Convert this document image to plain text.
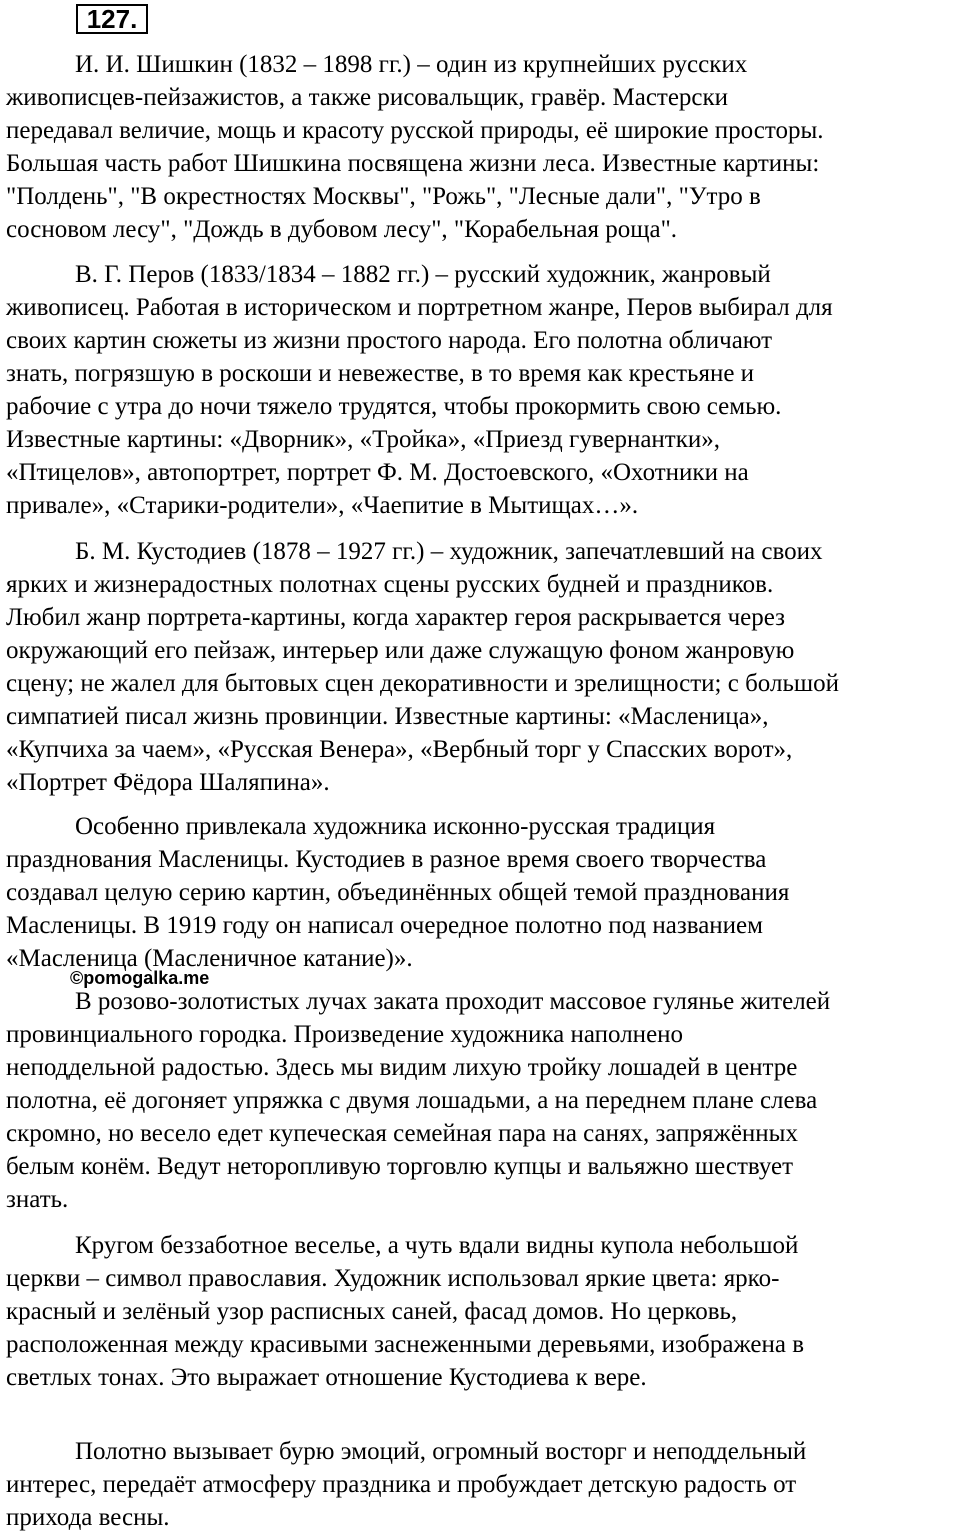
127.

И. И. Шишкин (1832 – 1898 гг.) – один из крупнейших русских
живописцев-пейзажистов, а также рисовальщик, гравёр. Мастерски
передавал величие, мощь и красоту русской природы, её широкие просторы.
Большая часть работ Шишкина посвящена жизни леса. Известные картины:
"Полдень", "В окрестностях Москвы", "Рожь", "Лесные дали", "Утро в
сосновом лесу", "Дождь в дубовом лесу", "Корабельная роща".

В. Г. Перов (1833/1834 – 1882 гг.) – русский художник, жанровый
живописец. Работая в историческом и портретном жанре, Перов выбирал для
своих картин сюжеты из жизни простого народа. Его полотна обличают
знать, погрязшую в роскоши и невежестве, в то время как крестьяне и
рабочие с утра до ночи тяжело трудятся, чтобы прокормить свою семью.
Известные картины: «Дворник», «Тройка», «Приезд гувернантки»,
«Птицелов», автопортрет, портрет Ф. М. Достоевского, «Охотники на
привале», «Старики-родители», «Чаепитие в Мытищах…».

Б. М. Кустодиев (1878 – 1927 гг.) – художник, запечатлевший на своих
ярких и жизнерадостных полотнах сцены русских будней и праздников.
Любил жанр портрета-картины, когда характер героя раскрывается через
окружающий его пейзаж, интерьер или даже служащую фоном жанровую
сцену; не жалел для бытовых сцен декоративности и зрелищности; с большой
симпатией писал жизнь провинции. Известные картины: «Масленица»,
«Купчиха за чаем», «Русская Венера», «Вербный торг у Спасских ворот»,
«Портрет Фёдора Шаляпина».

Особенно привлекала художника исконно-русская традиция
празднования Масленицы. Кустодиев в разное время своего творчества
создавал целую серию картин, объединённых общей темой празднования
Масленицы. В 1919 году он написал очередное полотно под названием
«Масленица (Масленичное катание)».

©pomogalka.me

В розово-золотистых лучах заката проходит массовое гулянье жителей
провинциального городка. Произведение художника наполнено
неподдельной радостью. Здесь мы видим лихую тройку лошадей в центре
полотна, её догоняет упряжка с двумя лошадьми, а на переднем плане слева
скромно, но весело едет купеческая семейная пара на санях, запряжённых
белым конём. Ведут неторопливую торговлю купцы и вальяжно шествует
знать.

Кругом беззаботное веселье, а чуть вдали видны купола небольшой
церкви – символ православия. Художник использовал яркие цвета: ярко-
красный и зелёный узор расписных саней, фасад домов. Но церковь,
расположенная между красивыми заснеженными деревьями, изображена в
светлых тонах. Это выражает отношение Кустодиева к вере.

Полотно вызывает бурю эмоций, огромный восторг и неподдельный
интерес, передаёт атмосферу праздника и пробуждает детскую радость от
прихода весны.
